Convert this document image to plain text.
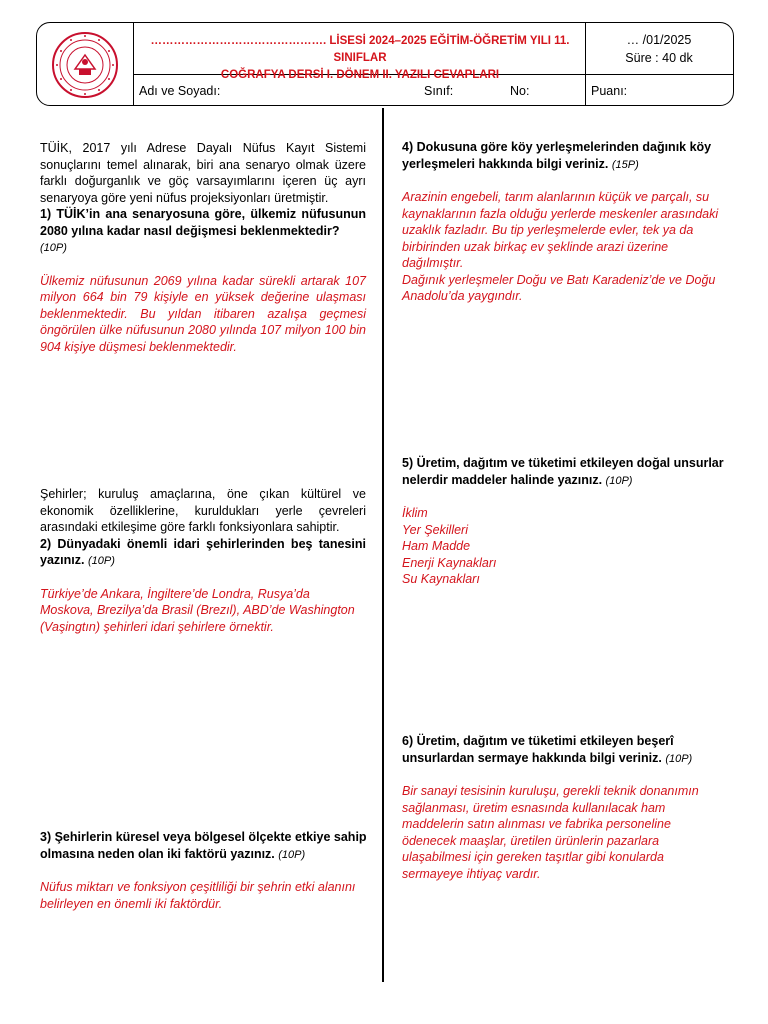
………………………………………. LİSESİ 2024–2025 EĞİTİM-ÖĞRETİM YILI 11. SINIFLAR
COĞRAFYA DERSİ I. DÖNEM II. YAZILI CEVAPLARI
… /01/2025
Süre : 40 dk
Adı ve Soyadı:	Sınıf:	No:	Puanı:
TÜİK, 2017 yılı Adrese Dayalı Nüfus Kayıt Sistemi sonuçlarını temel alınarak, biri ana senaryo olmak üzere farklı doğurganlık ve göç varsayımlarını içeren üç ayrı senaryoya göre yeni nüfus projeksiyonları üretmiştir.
1) TÜİK’in ana senaryosuna göre, ülkemiz nüfusunun 2080 yılına kadar nasıl değişmesi beklenmektedir?
(10P)
Ülkemiz nüfusunun 2069 yılına kadar sürekli artarak 107 milyon 664 bin 79 kişiyle en yüksek değerine ulaşması beklenmektedir. Bu yıldan itibaren azalışa geçmesi öngörülen ülke nüfusunun 2080 yılında 107 milyon 100 bin 904 kişiye düşmesi beklenmektedir.
Şehirler; kuruluş amaçlarına, öne çıkan kültürel ve ekonomik özelliklerine, kuruldukları yerle çevreleri arasındaki etkileşime göre farklı fonksiyonlara sahiptir.
2) Dünyadaki önemli idari şehirlerinden beş tanesini yazınız. (10P)
Türkiye’de Ankara, İngiltere’de Londra, Rusya’da Moskova, Brezilya’da Brasil (Brezıl), ABD’de Washington (Vaşingtın) şehirleri idari şehirlere örnektir.
3) Şehirlerin küresel veya bölgesel ölçekte etkiye sahip olmasına neden olan iki faktörü yazınız. (10P)
Nüfus miktarı ve fonksiyon çeşitliliği bir şehrin etki alanını belirleyen en önemli iki faktördür.
4) Dokusuna göre köy yerleşmelerinden dağınık köy yerleşmeleri hakkında bilgi veriniz. (15P)
Arazinin engebeli, tarım alanlarının küçük ve parçalı, su kaynaklarının fazla olduğu yerlerde meskenler arasındaki uzaklık fazladır. Bu tip yerleşmelerde evler, tek ya da birbirinden uzak birkaç ev şeklinde arazi üzerine dağılmıştır.
Dağınık yerleşmeler Doğu ve Batı Karadeniz’de ve Doğu Anadolu’da yaygındır.
5) Üretim, dağıtım ve tüketimi etkileyen doğal unsurlar nelerdir maddeler halinde yazınız. (10P)
İklim
Yer Şekilleri
Ham Madde
Enerji Kaynakları
Su Kaynakları
6) Üretim, dağıtım ve tüketimi etkileyen beşerî unsurlardan sermaye hakkında bilgi veriniz. (10P)
Bir sanayi tesisinin kuruluşu, gerekli teknik donanımın sağlanması, üretim esnasında kullanılacak ham maddelerin satın alınması ve fabrika personeline ödenecek maaşlar, üretilen ürünlerin pazarlara ulaşabilmesi için gereken taşıtlar gibi konularda sermayeye ihtiyaç vardır.
